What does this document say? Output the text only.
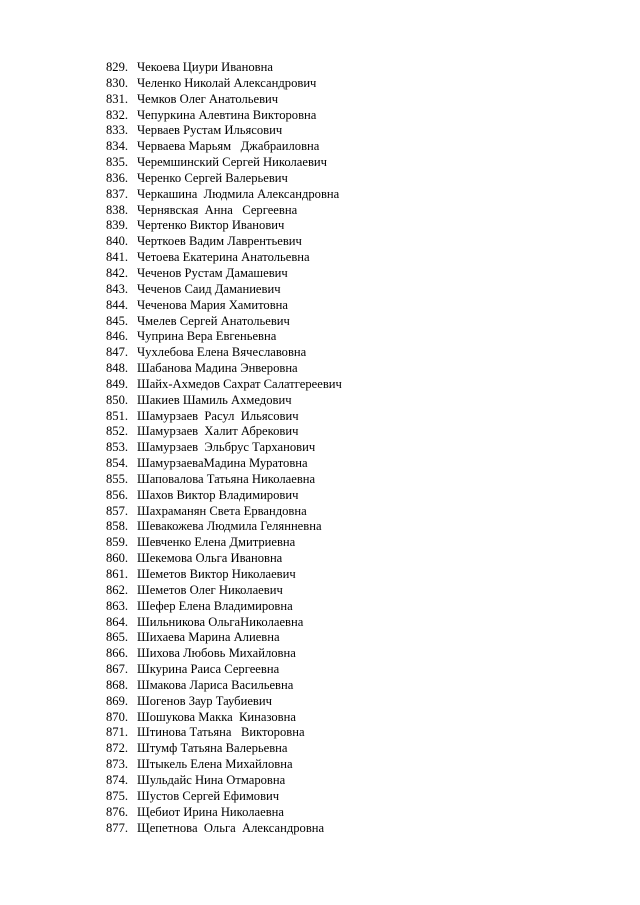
829. Чекоева Циури Ивановна
830. Челенко Николай Александрович
831. Чемков Олег Анатольевич
832. Чепуркина Алевтина Викторовна
833. Черваев Рустам Ильясович
834. Черваева Марьям   Джабраиловна
835. Черемшинский Сергей Николаевич
836. Черенко Сергей Валерьевич
837. Черкашина  Людмила Александровна
838. Чернявская  Анна   Сергеевна
839. Чертенко Виктор Иванович
840. Черткоев Вадим Лаврентьевич
841. Четоева Екатерина Анатольевна
842. Чеченов Рустам Дамашевич
843. Чеченов Саид Даманиевич
844. Чеченова Мария Хамитовна
845. Чмелев Сергей Анатольевич
846. Чуприна Вера Евгеньевна
847. Чухлебова Елена Вячеславовна
848. Шабанова Мадина Энверовна
849. Шайх-Ахмедов Сахрат Салатгереевич
850. Шакиев Шамиль Ахмедович
851. Шамурзаев  Расул  Ильясович
852. Шамурзаев  Халит Абрекович
853. Шамурзаев  Эльбрус Тарханович
854. ШамурзаеваМадина Муратовна
855. Шаповалова Татьяна Николаевна
856. Шахов Виктор Владимирович
857. Шахраманян Света Ервандовна
858. Шевакожева Людмила Гелянневна
859. Шевченко Елена Дмитриевна
860. Шекемова Ольга Ивановна
861. Шеметов Виктор Николаевич
862. Шеметов Олег Николаевич
863. Шефер Елена Владимировна
864. Шильникова ОльгаНиколаевна
865. Шихаева Марина Алиевна
866. Шихова Любовь Михайловна
867. Шкурина Раиса Сергеевна
868. Шмакова Лариса Васильевна
869. Шогенов Заур Таубиевич
870. Шошукова Макка  Киназовна
871. Штинова Татьяна   Викторовна
872. Штумф Татьяна Валерьевна
873. Штыкель Елена Михайловна
874. Шульдайс Нина Отмаровна
875. Шустов Сергей Ефимович
876. Щебиот Ирина Николаевна
877. Щепетнова  Ольга  Александровна
